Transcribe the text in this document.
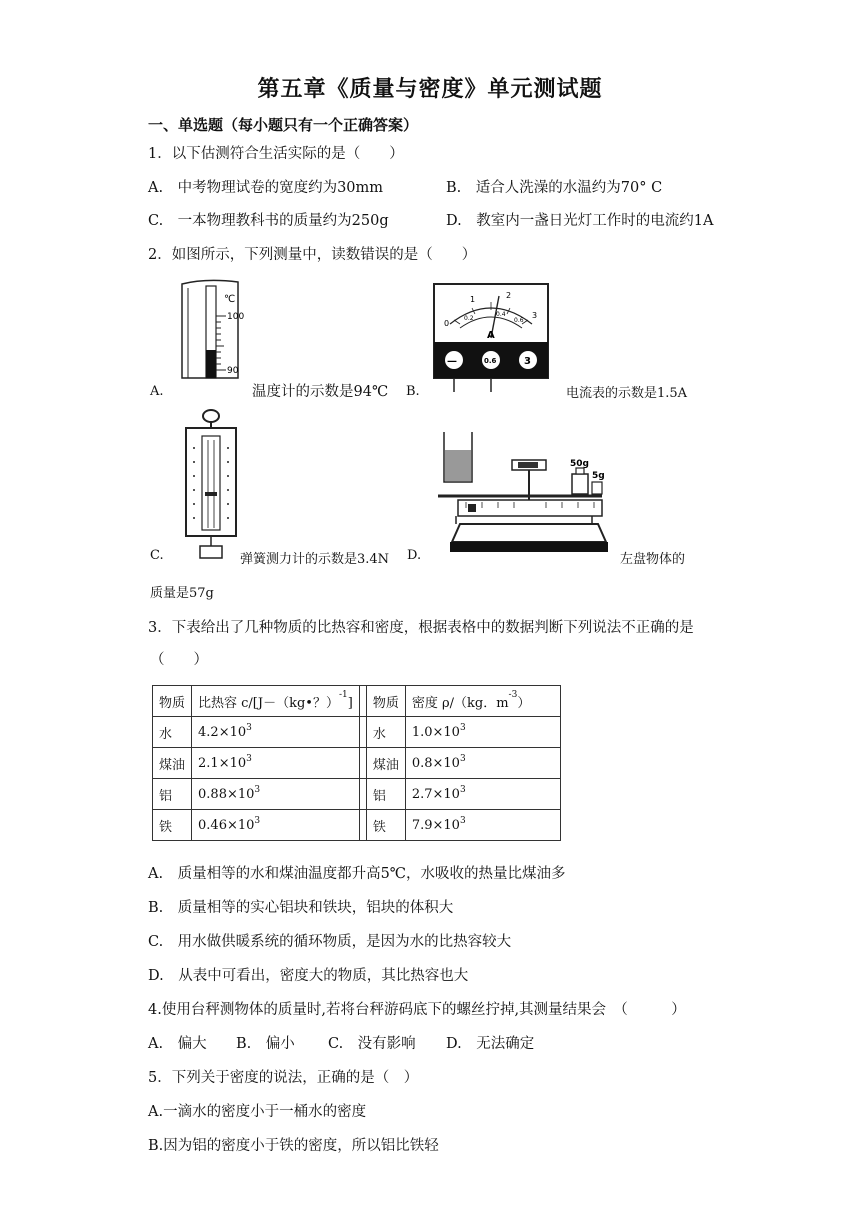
第五章《质量与密度》单元测试题
一、单选题（每小题只有一个正确答案）
1．以下估测符合生活实际的是（　　）
A.　中考物理试卷的宽度约为30mm	B.　适合人洗澡的水温约为70° C
C.　一本物理教科书的质量约为250g	D.　教室内一盏日光灯工作时的电流约1A
2．如图所示，下列测量中，读数错误的是（　　）
℃
100
90
A.	温度计的示数是94℃
0
1	2
3
0.2
0.4
0.6
A
—	0.6	3
B.	电流表的示数是1.5A
C.	弹簧测力计的示数是3.4N D.
50g
5g
左盘物体的
质量是57g
3．下表给出了几种物质的比热容和密度，根据表格中的数据判断下列说法不正确的是
（　　）
物质	比热容 c/[J－（kg•？）$^{-1}$]		物质	密度 ρ/（kg．$m^{-3}$）
水	$4.2\times 10^3$		水	$1.0\times 10^3$
煤油	$2.1\times 10^3$		煤油	$0.8\times 10^3$
铝	$0.88\times 10^3$		铝	$2.7\times 10^3$
铁	$0.46\times 10^3$		铁	$7.9\times 10^3$
A.　质量相等的水和煤油温度都升高5℃，水吸收的热量比煤油多
B.　质量相等的实心铝块和铁块，铝块的体积大
C.　用水做供暖系统的循环物质，是因为水的比热容较大
D.　从表中可看出，密度大的物质，其比热容也大
4.使用台秤测物体的质量时,若将台秤游码底下的螺丝拧掉,其测量结果会　（　　　）
A.　偏大 B.　偏小 C.　没有影响 D.　无法确定
5．下列关于密度的说法，正确的是（　）
A.一滴水的密度小于一桶水的密度
B.因为铝的密度小于铁的密度，所以铝比铁轻
